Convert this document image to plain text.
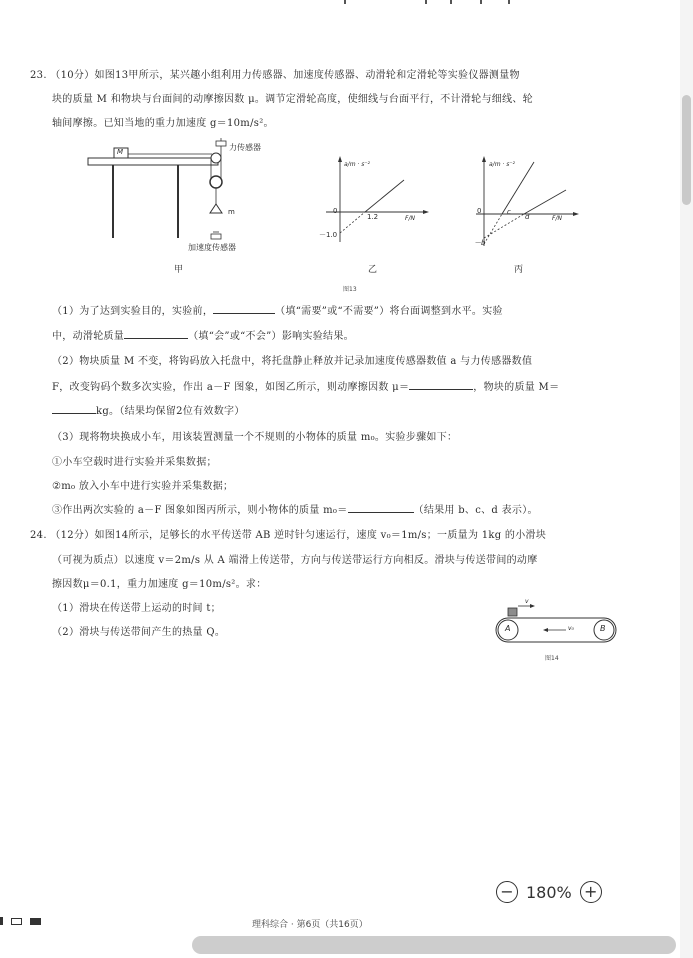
23. （10分）如图13甲所示，某兴趣小组利用力传感器、加速度传感器、动滑轮和定滑轮等实验仪器测量物
块的质量 M 和物块与台面间的动摩擦因数 μ。调节定滑轮高度，使细线与台面平行，不计滑轮与细线、轮
轴间摩擦。已知当地的重力加速度 g＝10m/s²。
M	力传感器
m
加速度传感器
甲
a/m · s⁻²
0
1.2	F/N
－1.0
乙
a/m · s⁻²
0	c
d	F/N
－b
丙
图13
（1）为了达到实验目的，实验前，	（填“需要”或“不需要”）将台面调整到水平。实验
中，动滑轮质量	（填“会”或“不会”）影响实验结果。
（2）物块质量 M 不变，将钩码放入托盘中，将托盘静止释放并记录加速度传感器数值 a 与力传感器数值
F，改变钩码个数多次实验，作出 a－F 图象，如图乙所示，则动摩擦因数 μ＝	，物块的质量 M＝
kg。（结果均保留2位有效数字）
（3）现将物块换成小车，用该装置测量一个不规则的小物体的质量 m₀。实验步骤如下：
①小车空载时进行实验并采集数据；
②m₀ 放入小车中进行实验并采集数据；
③作出两次实验的 a－F 图象如图丙所示，则小物体的质量 m₀＝	（结果用 b、c、d 表示）。
24. （12分）如图14所示，足够长的水平传送带 AB 逆时针匀速运行，速度 v₀＝1m/s；一质量为 1kg 的小滑块
（可视为质点）以速度 v＝2m/s 从 A 端滑上传送带，方向与传送带运行方向相反。滑块与传送带间的动摩
擦因数μ＝0.1，重力加速度 g＝10m/s²。求：
（1）滑块在传送带上运动的时间 t；
（2）滑块与传送带间产生的热量 Q。
v
A	B
v₀
图14
− 180% +
理科综合 · 第6页（共16页）
